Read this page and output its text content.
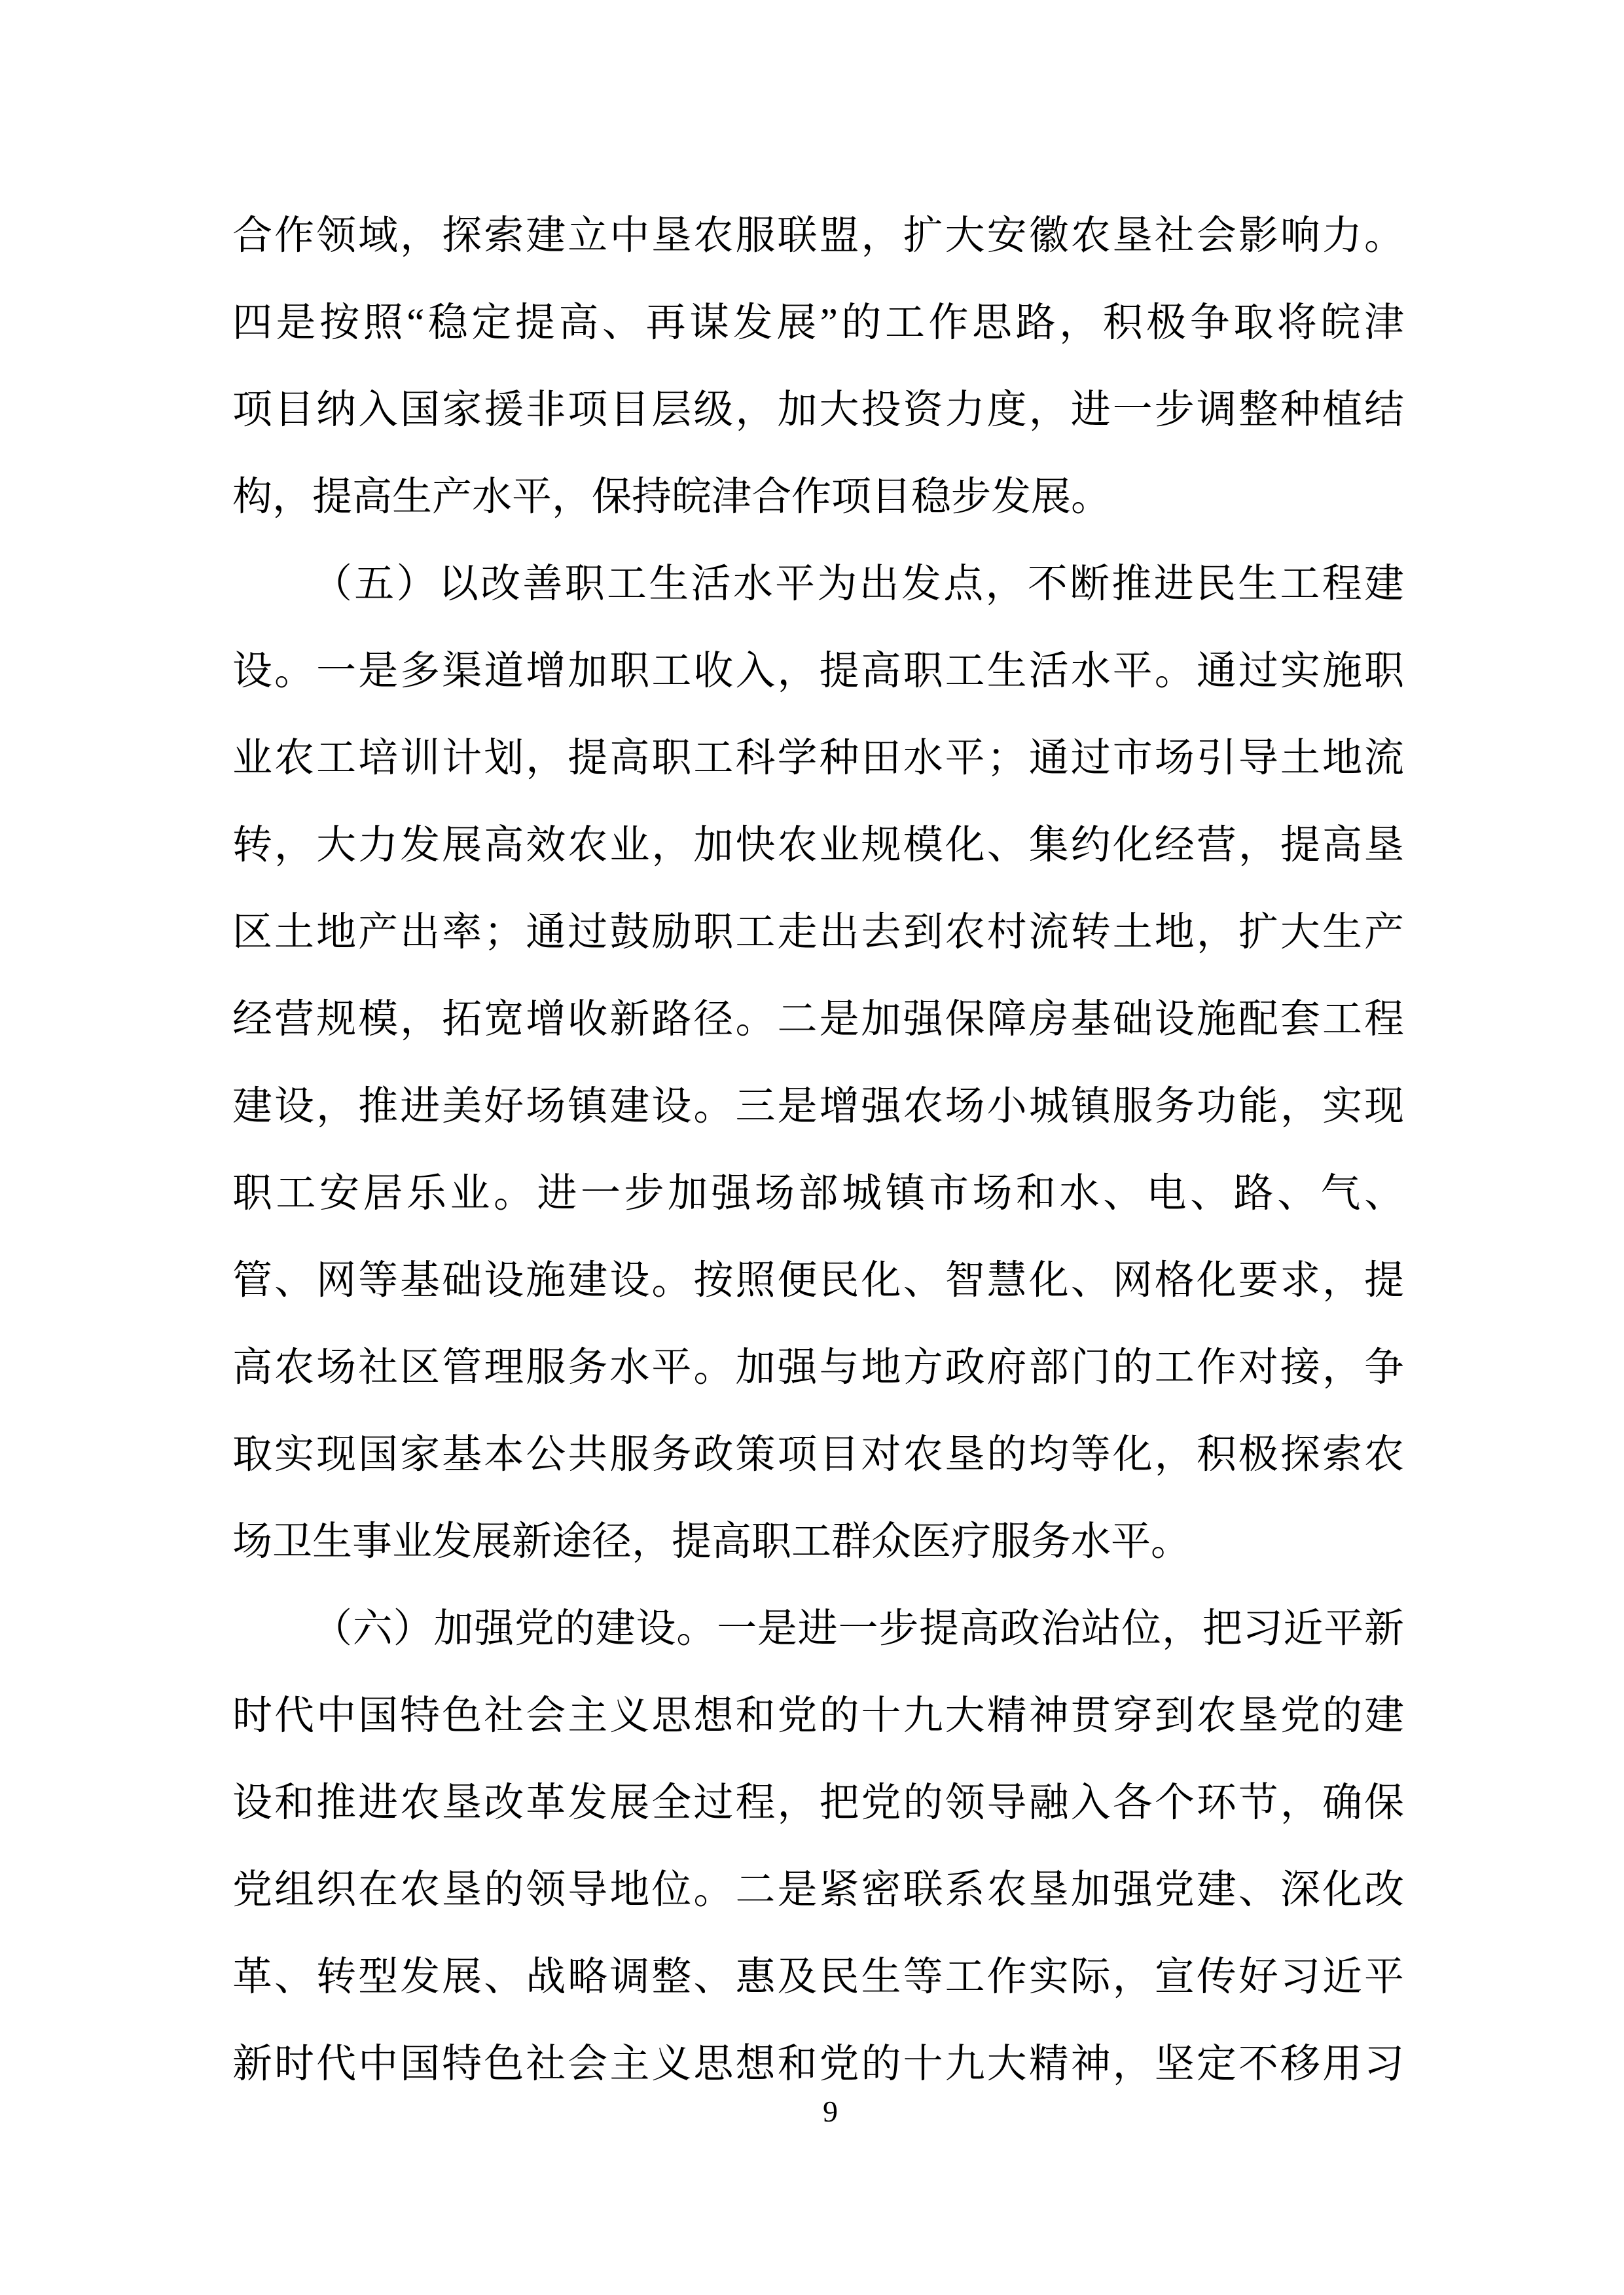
合作领域，探索建立中垦农服联盟，扩大安徽农垦社会影响力。
四是按照“稳定提高、再谋发展”的工作思路，积极争取将皖津
项目纳入国家援非项目层级，加大投资力度，进一步调整种植结
构，提高生产水平，保持皖津合作项目稳步发展。
（五）以改善职工生活水平为出发点，不断推进民生工程建
设。一是多渠道增加职工收入，提高职工生活水平。通过实施职
业农工培训计划，提高职工科学种田水平；通过市场引导土地流
转，大力发展高效农业，加快农业规模化、集约化经营，提高垦
区土地产出率；通过鼓励职工走出去到农村流转土地，扩大生产
经营规模，拓宽增收新路径。二是加强保障房基础设施配套工程
建设，推进美好场镇建设。三是增强农场小城镇服务功能，实现
职工安居乐业。进一步加强场部城镇市场和水、电、路、气、
管、网等基础设施建设。按照便民化、智慧化、网格化要求，提
高农场社区管理服务水平。加强与地方政府部门的工作对接，争
取实现国家基本公共服务政策项目对农垦的均等化，积极探索农
场卫生事业发展新途径，提高职工群众医疗服务水平。
（六）加强党的建设。一是进一步提高政治站位，把习近平新
时代中国特色社会主义思想和党的十九大精神贯穿到农垦党的建
设和推进农垦改革发展全过程，把党的领导融入各个环节，确保
党组织在农垦的领导地位。二是紧密联系农垦加强党建、深化改
革、转型发展、战略调整、惠及民生等工作实际，宣传好习近平
新时代中国特色社会主义思想和党的十九大精神，坚定不移用习
9
